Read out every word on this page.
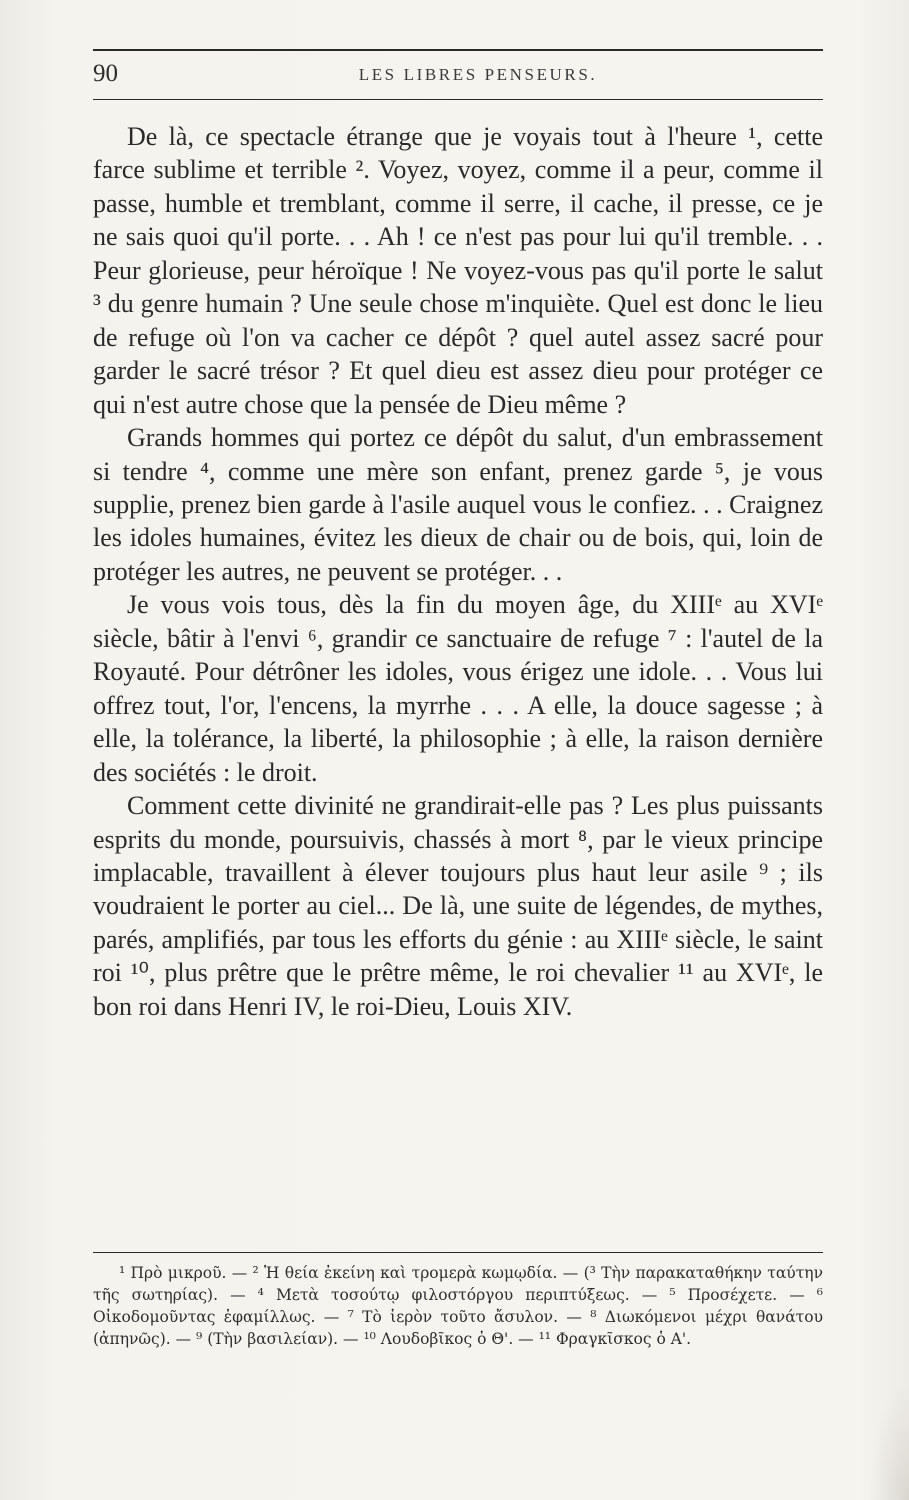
90	LES LIBRES PENSEURS.

De là, ce spectacle étrange que je voyais tout à l'heure ¹, cette farce sublime et terrible ². Voyez, voyez, comme il a peur, comme il passe, humble et tremblant, comme il serre, il cache, il presse, ce je ne sais quoi qu'il porte. . . Ah ! ce n'est pas pour lui qu'il tremble. . . Peur glorieuse, peur héroïque ! Ne voyez-vous pas qu'il porte le salut ³ du genre humain ? Une seule chose m'inquiète. Quel est donc le lieu de refuge où l'on va cacher ce dépôt ? quel autel assez sacré pour garder le sacré trésor ? Et quel dieu est assez dieu pour protéger ce qui n'est autre chose que la pensée de Dieu même ?

Grands hommes qui portez ce dépôt du salut, d'un embrassement si tendre ⁴, comme une mère son enfant, prenez garde ⁵, je vous supplie, prenez bien garde à l'asile auquel vous le confiez. . . Craignez les idoles humaines, évitez les dieux de chair ou de bois, qui, loin de protéger les autres, ne peuvent se protéger. . .

Je vous vois tous, dès la fin du moyen âge, du XIIIᵉ au XVIᵉ siècle, bâtir à l'envi ⁶, grandir ce sanctuaire de refuge ⁷ : l'autel de la Royauté. Pour détrôner les idoles, vous érigez une idole. . . Vous lui offrez tout, l'or, l'encens, la myrrhe . . . A elle, la douce sagesse ; à elle, la tolérance, la liberté, la philosophie ; à elle, la raison dernière des sociétés : le droit.

Comment cette divinité ne grandirait-elle pas ? Les plus puissants esprits du monde, poursuivis, chassés à mort ⁸, par le vieux principe implacable, travaillent à élever toujours plus haut leur asile ⁹ ; ils voudraient le porter au ciel... De là, une suite de légendes, de mythes, parés, amplifiés, par tous les efforts du génie : au XIIIᵉ siècle, le saint roi ¹⁰, plus prêtre que le prêtre même, le roi chevalier ¹¹ au XVIᵉ, le bon roi dans Henri IV, le roi-Dieu, Louis XIV.

¹ Πρὸ μικροῦ. — ² Ἡ θεία ἐκείνη καὶ τρομερὰ κωμῳδία. — (³ Τὴν παρακαταθήκην ταύτην τῆς σωτηρίας). — ⁴ Μετὰ τοσούτῳ φιλοστόργου περιπτύξεως. — ⁵ Προσέχετε. — ⁶ Οἰκοδομοῦντας ἐφαμίλλως. — ⁷ Τὸ ἱερὸν τοῦτο ἄσυλον. — ⁸ Διωκόμενοι μέχρι θανάτου (ἀπηνῶς). — ⁹ (Τὴν βασιλείαν). — ¹⁰ Λουδοβῖκος ὁ Θ'. — ¹¹ Φραγκῖσκος ὁ Α'.
